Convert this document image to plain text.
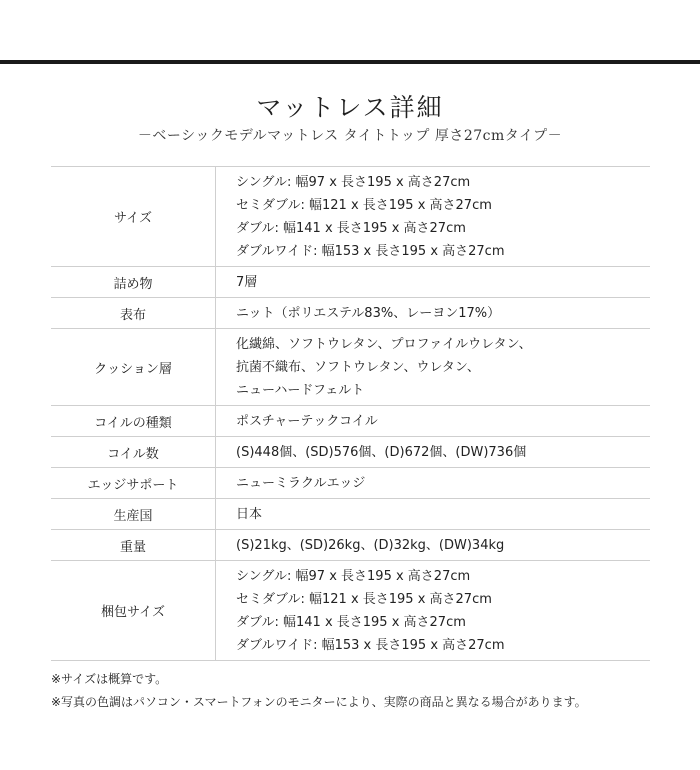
マットレス詳細
－ベーシックモデルマットレス タイトトップ 厚さ27cmタイプ－
サイズ	シングル: 幅97 x 長さ195 x 高さ27cm
セミダブル: 幅121 x 長さ195 x 高さ27cm
ダブル: 幅141 x 長さ195 x 高さ27cm
ダブルワイド: 幅153 x 長さ195 x 高さ27cm

詰め物	7層

表布	ニット（ポリエステル83%、レーヨン17%）

クッション層	化繊綿、ソフトウレタン、プロファイルウレタン、
抗菌不織布、ソフトウレタン、ウレタン、
ニューハードフェルト

コイルの種類	ポスチャーテックコイル

コイル数	(S)448個、(SD)576個、(D)672個、(DW)736個

エッジサポート	ニューミラクルエッジ

生産国	日本

重量	(S)21kg、(SD)26kg、(D)32kg、(DW)34kg

梱包サイズ	シングル: 幅97 x 長さ195 x 高さ27cm
セミダブル: 幅121 x 長さ195 x 高さ27cm
ダブル: 幅141 x 長さ195 x 高さ27cm
ダブルワイド: 幅153 x 長さ195 x 高さ27cm
※サイズは概算です。
※写真の色調はパソコン・スマートフォンのモニターにより、実際の商品と異なる場合があります。
